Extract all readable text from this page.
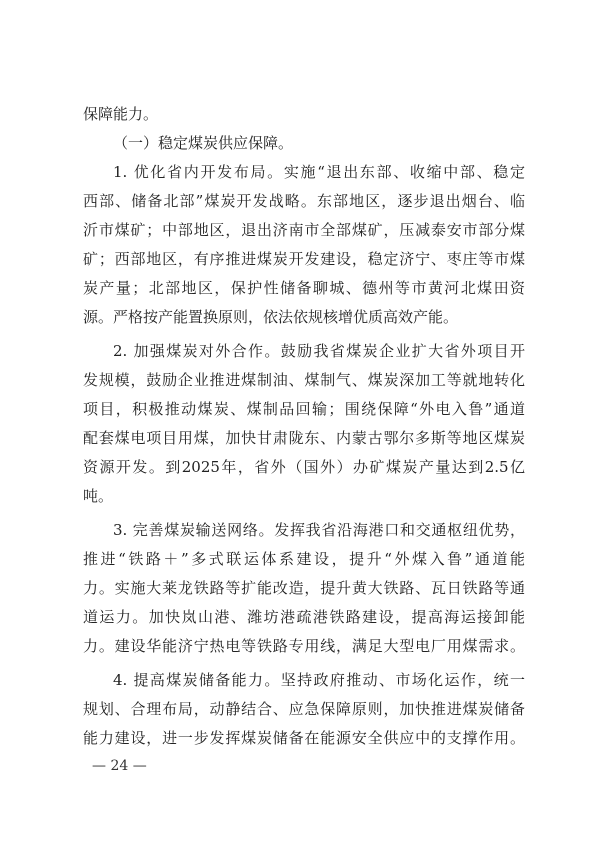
保障能力。
（一）稳定煤炭供应保障。
1. 优化省内开发布局。实施“退出东部、收缩中部、稳定
西部、储备北部”煤炭开发战略。东部地区，逐步退出烟台、临
沂市煤矿；中部地区，退出济南市全部煤矿，压减泰安市部分煤
矿；西部地区，有序推进煤炭开发建设，稳定济宁、枣庄等市煤
炭产量；北部地区，保护性储备聊城、德州等市黄河北煤田资
源。严格按产能置换原则，依法依规核增优质高效产能。
2. 加强煤炭对外合作。鼓励我省煤炭企业扩大省外项目开
发规模，鼓励企业推进煤制油、煤制气、煤炭深加工等就地转化
项目，积极推动煤炭、煤制品回输；围绕保障“外电入鲁”通道
配套煤电项目用煤，加快甘肃陇东、内蒙古鄂尔多斯等地区煤炭
资源开发。到2025年，省外（国外）办矿煤炭产量达到2.5亿
吨。
3. 完善煤炭输送网络。发挥我省沿海港口和交通枢纽优势，
推进“铁路＋”多式联运体系建设，提升“外煤入鲁”通道能
力。实施大莱龙铁路等扩能改造，提升黄大铁路、瓦日铁路等通
道运力。加快岚山港、潍坊港疏港铁路建设，提高海运接卸能
力。建设华能济宁热电等铁路专用线，满足大型电厂用煤需求。
4. 提高煤炭储备能力。坚持政府推动、市场化运作，统一
规划、合理布局，动静结合、应急保障原则，加快推进煤炭储备
能力建设，进一步发挥煤炭储备在能源安全供应中的支撑作用。
— 24 —
